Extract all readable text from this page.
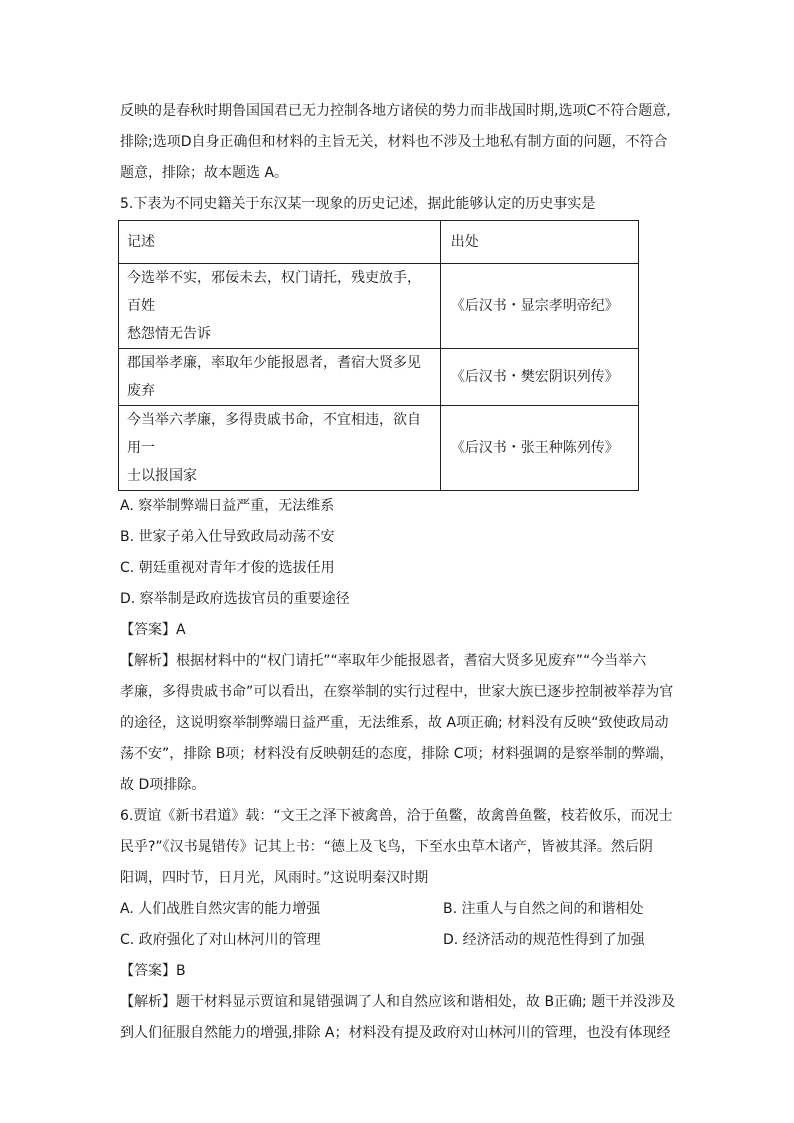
反映的是春秋时期鲁国国君已无力控制各地方诸侯的势力而非战国时期,选项C不符合题意,

排除;选项D自身正确但和材料的主旨无关，材料也不涉及土地私有制方面的问题，不符合

题意，排除；故本题选 A。

5.下表为不同史籍关于东汉某一现象的历史记述，据此能够认定的历史事实是

记述	出处

今选举不实，邪佞未去，权门请托，残吏放手，百姓
愁怨情无告诉	《后汉书・显宗孝明帝纪》

郡国举孝廉，率取年少能报恩者，耆宿大贤多见废弃	《后汉书・樊宏阴识列传》

今当举六孝廉，多得贵戚书命，不宜相违，欲自用一
士以报国家	《后汉书・张王种陈列传》

A. 察举制弊端日益严重，无法维系

B. 世家子弟入仕导致政局动荡不安

C. 朝廷重视对青年才俊的选拔任用

D. 察举制是政府选拔官员的重要途径

【答案】A

【解析】根据材料中的“权门请托”“率取年少能报恩者，耆宿大贤多见废弃”“今当举六

孝廉，多得贵戚书命”可以看出，在察举制的实行过程中，世家大族已逐步控制被举荐为官

的途径，这说明察举制弊端日益严重，无法维系，故 A项正确; 材料没有反映“致使政局动

荡不安”，排除 B项；材料没有反映朝廷的态度，排除 C项；材料强调的是察举制的弊端，

故 D项排除。

6.贾谊《新书君道》载：“文王之泽下被禽兽，洽于鱼鳖，故禽兽鱼鳖，枝若攸乐，而况士

民乎?”《汉书晁错传》记其上书：“德上及飞鸟，下至水虫草木诸产，皆被其泽。然后阴

阳调，四时节，日月光，风雨时。”这说明秦汉时期

A. 人们战胜自然灾害的能力增强	B. 注重人与自然之间的和谐相处
C. 政府强化了对山林河川的管理	D. 经济活动的规范性得到了加强

【答案】B

【解析】题干材料显示贾谊和晁错强调了人和自然应该和谐相处，故 B正确; 题干并没涉及

到人们征服自然能力的增强,排除 A；材料没有提及政府对山林河川的管理，也没有体现经
